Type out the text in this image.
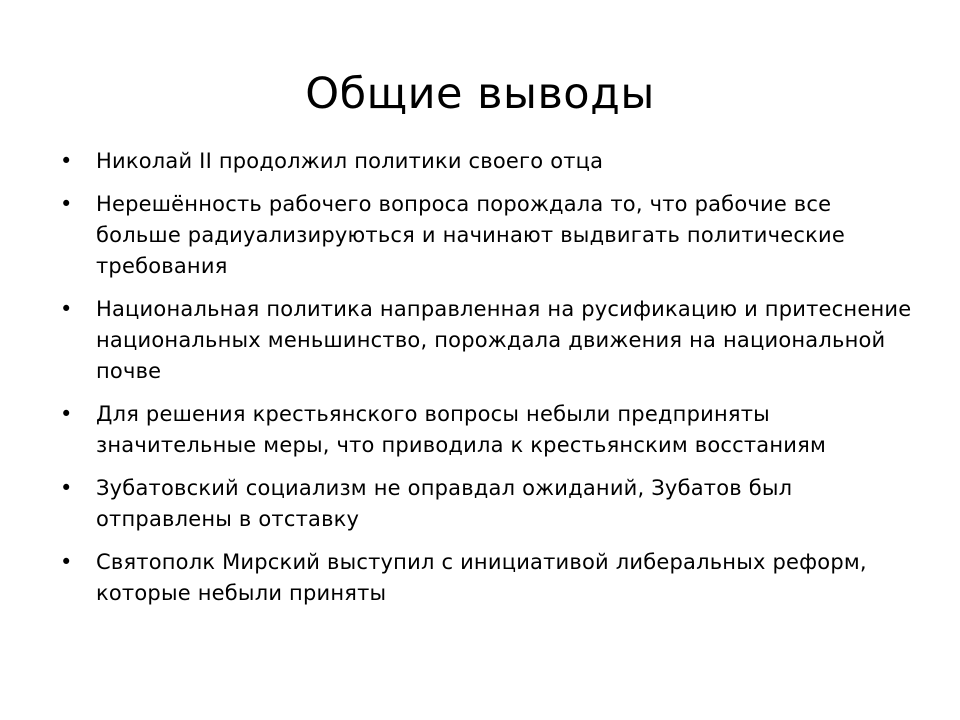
Общие выводы
•	Николай II продолжил политики своего отца
•	Нерешённость рабочего вопроса порождала то, что рабочие все больше радиуализируються и начинают выдвигать политические требования
•	Национальная политика направленная на русификацию и притеснение национальных меньшинство, порождала движения на национальной почве
•	Для решения крестьянского вопросы небыли предприняты значительные меры, что приводила к крестьянским восстаниям
•	Зубатовский социализм не оправдал ожиданий, Зубатов был отправлены в отставку
•	Святополк Мирский выступил с инициативой либеральных реформ, которые небыли приняты
